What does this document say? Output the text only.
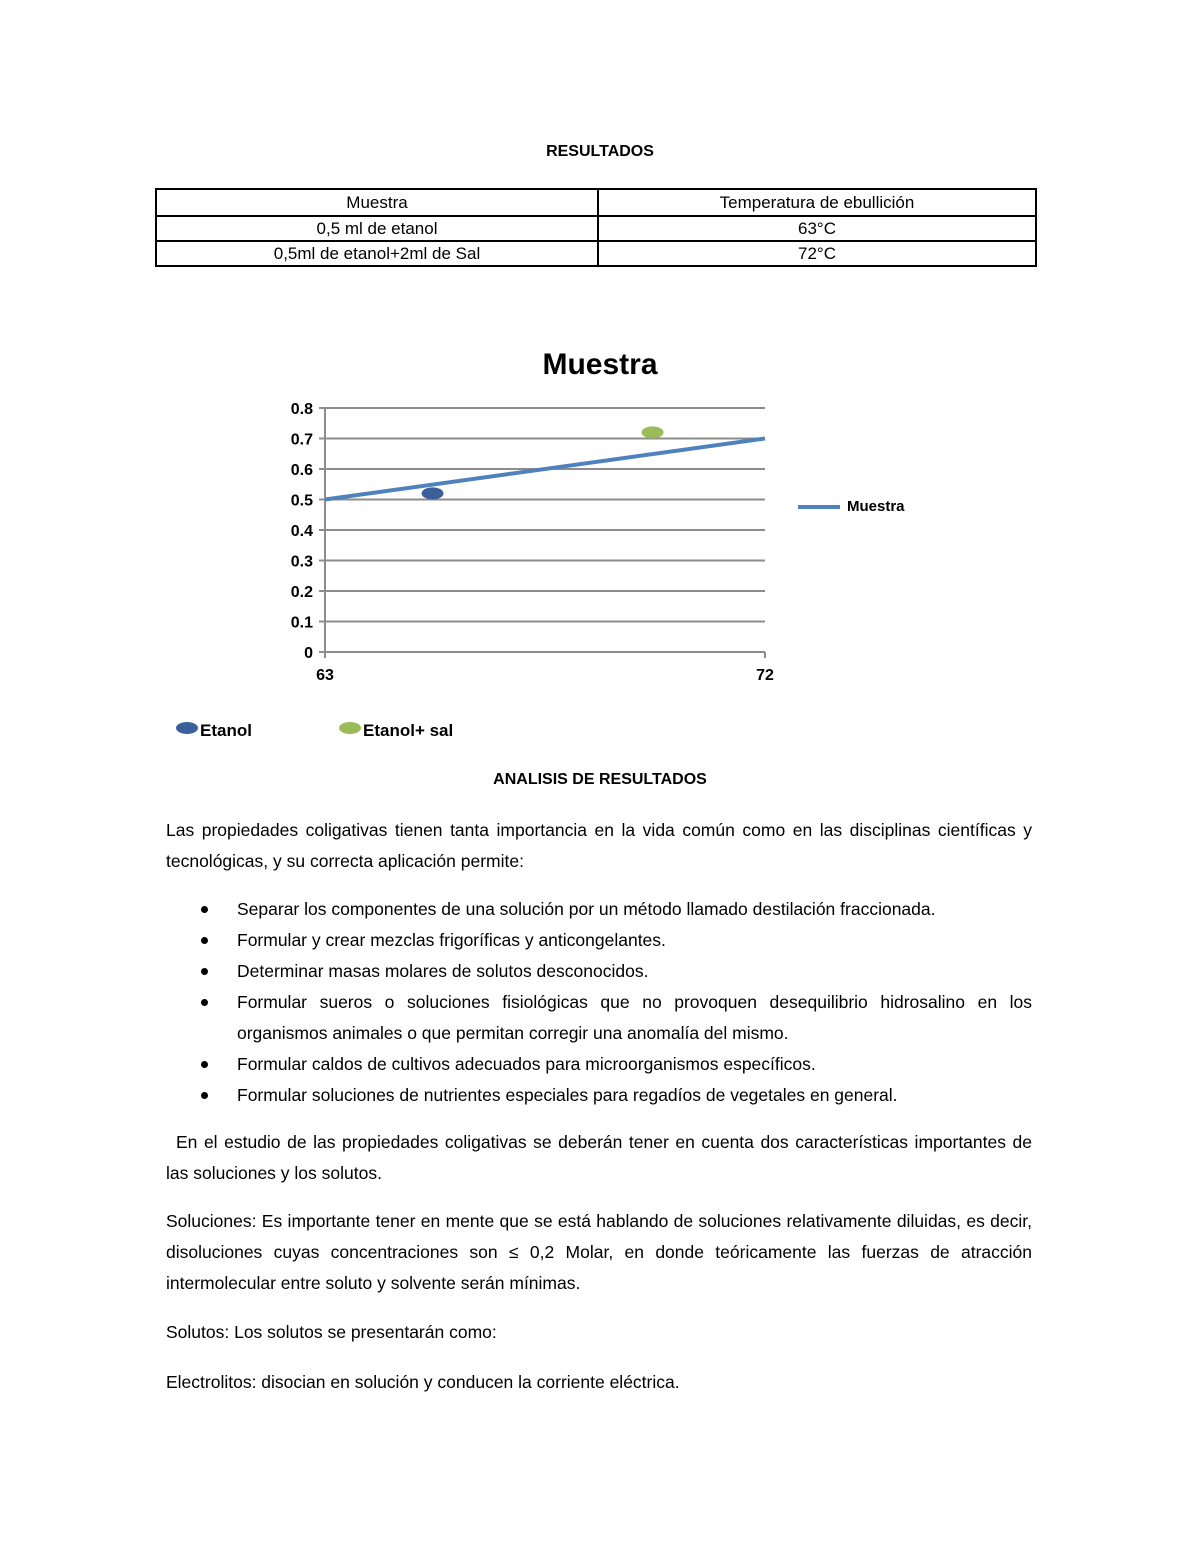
RESULTADOS
Muestra	Temperatura de ebullición
0,5 ml de etanol	63°C
0,5ml de etanol+2ml de Sal	72°C
Muestra
0
0.1
0.2
0.3
0.4
0.5
0.6
0.7
0.8
63	72
Muestra
Etanol	Etanol+ sal
ANALISIS DE RESULTADOS

Las propiedades coligativas tienen tanta importancia en la vida común como en las disciplinas científicas y tecnológicas, y su correcta aplicación permite:

Separar los componentes de una solución por un método llamado destilación fraccionada.
Formular y crear mezclas frigoríficas y anticongelantes.
Determinar masas molares de solutos desconocidos.
Formular sueros o soluciones fisiológicas que no provoquen desequilibrio hidrosalino en los organismos animales o que permitan corregir una anomalía del mismo.
Formular caldos de cultivos adecuados para microorganismos específicos.
Formular soluciones de nutrientes especiales para regadíos de vegetales en general.

En el estudio de las propiedades coligativas se deberán tener en cuenta dos características importantes de las soluciones y los solutos.

Soluciones: Es importante tener en mente que se está hablando de soluciones relativamente diluidas, es decir, disoluciones cuyas concentraciones son ≤ 0,2 Molar, en donde teóricamente las fuerzas de atracción intermolecular entre soluto y solvente serán mínimas.

Solutos: Los solutos se presentarán como:

Electrolitos: disocian en solución y conducen la corriente eléctrica.
